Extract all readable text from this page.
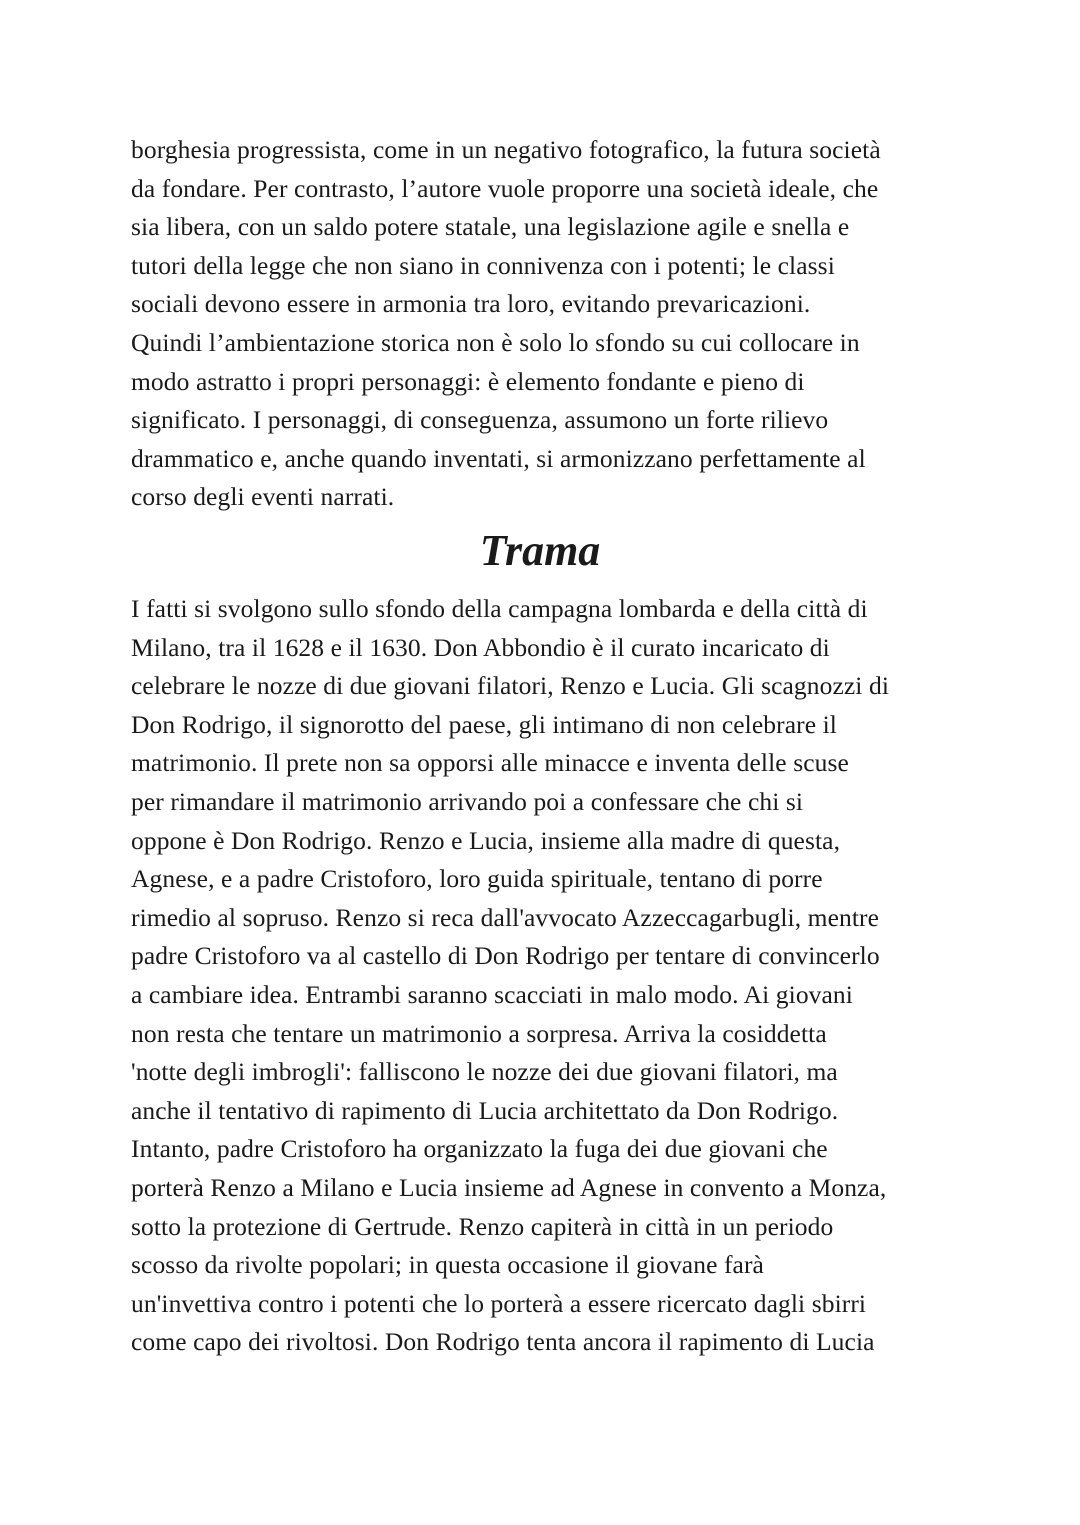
borghesia progressista, come in un negativo fotografico, la futura società
da fondare. Per contrasto, l’autore vuole proporre una società ideale, che
sia libera, con un saldo potere statale, una legislazione agile e snella e
tutori della legge che non siano in connivenza con i potenti; le classi
sociali devono essere in armonia tra loro, evitando prevaricazioni.
Quindi l’ambientazione storica non è solo lo sfondo su cui collocare in
modo astratto i propri personaggi: è elemento fondante e pieno di
significato. I personaggi, di conseguenza, assumono un forte rilievo
drammatico e, anche quando inventati, si armonizzano perfettamente al
corso degli eventi narrati.

Trama

I fatti si svolgono sullo sfondo della campagna lombarda e della città di
Milano, tra il 1628 e il 1630. Don Abbondio è il curato incaricato di
celebrare le nozze di due giovani filatori, Renzo e Lucia. Gli scagnozzi di
Don Rodrigo, il signorotto del paese, gli intimano di non celebrare il
matrimonio. Il prete non sa opporsi alle minacce e inventa delle scuse
per rimandare il matrimonio arrivando poi a confessare che chi si
oppone è Don Rodrigo. Renzo e Lucia, insieme alla madre di questa,
Agnese, e a padre Cristoforo, loro guida spirituale, tentano di porre
rimedio al sopruso. Renzo si reca dall'avvocato Azzeccagarbugli, mentre
padre Cristoforo va al castello di Don Rodrigo per tentare di convincerlo
a cambiare idea. Entrambi saranno scacciati in malo modo. Ai giovani
non resta che tentare un matrimonio a sorpresa. Arriva la cosiddetta
'notte degli imbrogli': falliscono le nozze dei due giovani filatori, ma
anche il tentativo di rapimento di Lucia architettato da Don Rodrigo.
Intanto, padre Cristoforo ha organizzato la fuga dei due giovani che
porterà Renzo a Milano e Lucia insieme ad Agnese in convento a Monza,
sotto la protezione di Gertrude. Renzo capiterà in città in un periodo
scosso da rivolte popolari; in questa occasione il giovane farà
un'invettiva contro i potenti che lo porterà a essere ricercato dagli sbirri
come capo dei rivoltosi. Don Rodrigo tenta ancora il rapimento di Lucia
